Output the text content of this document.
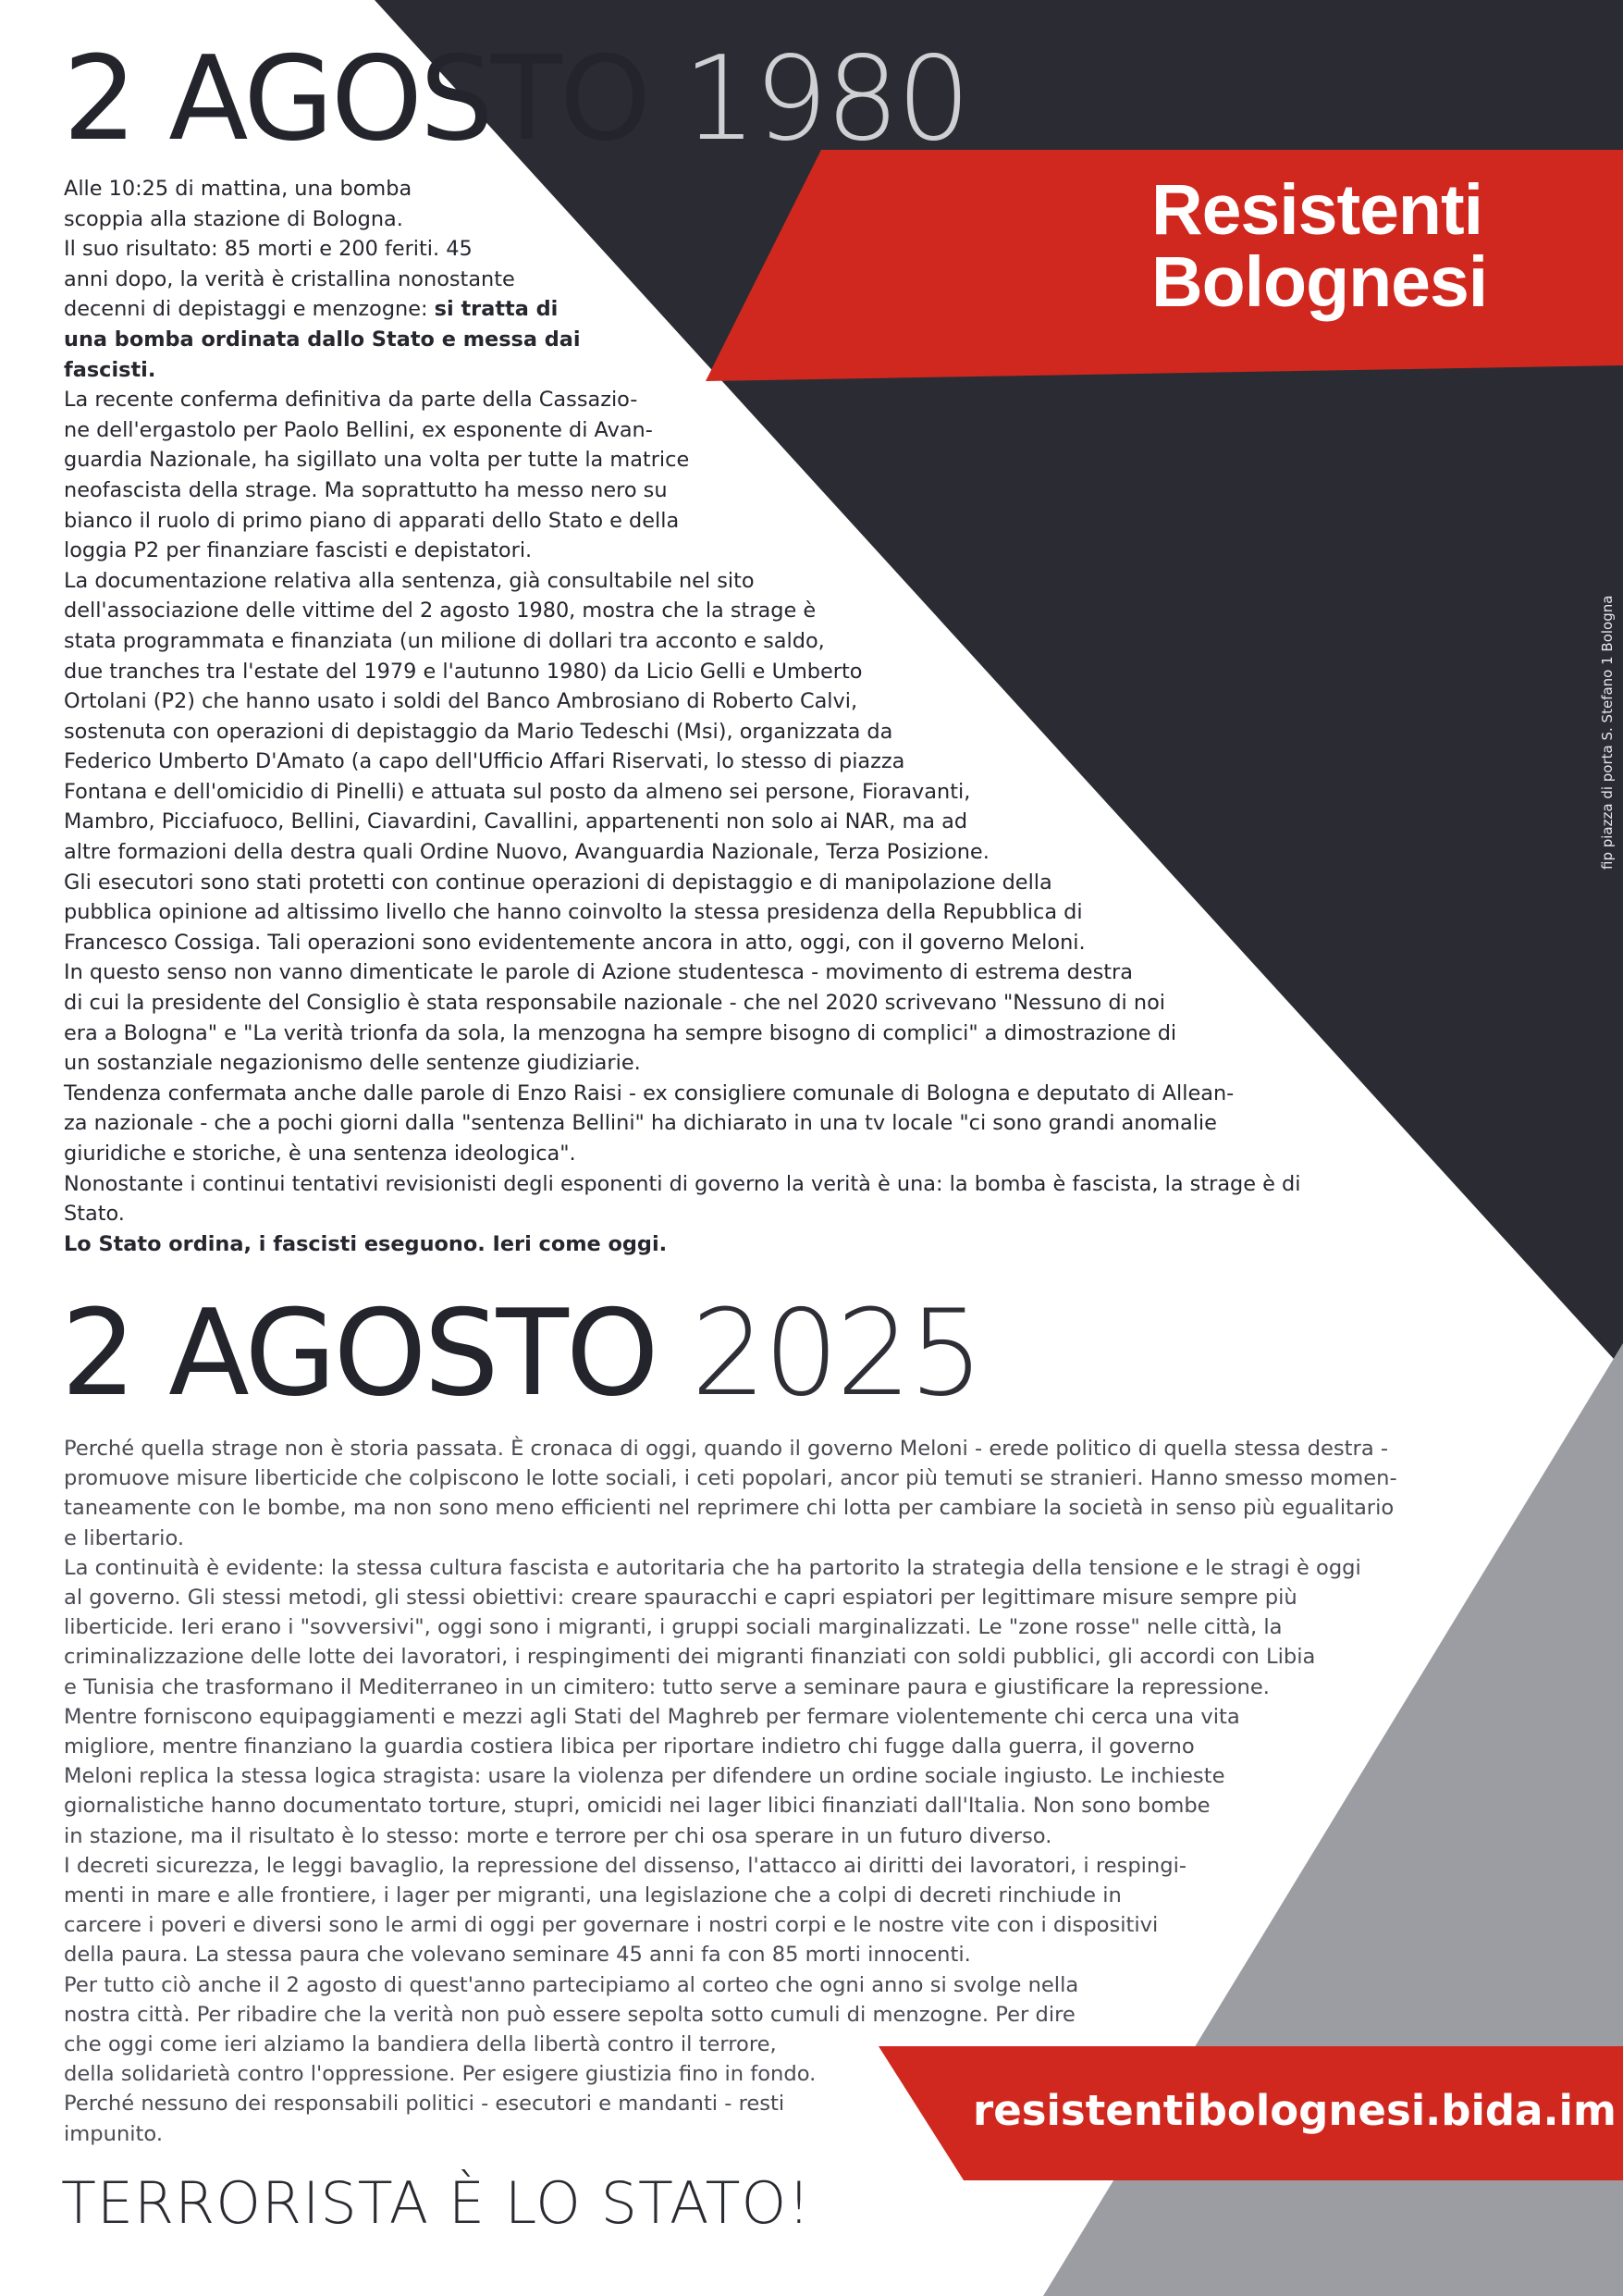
2 AGOSTO 1980
Resistenti
Bolognesi
fip piazza di porta S. Stefano 1 Bologna
Alle 10:25 di mattina, una bomba
scoppia alla stazione di Bologna.
Il suo risultato: 85 morti e 200 feriti. 45
anni dopo, la verità è cristallina nonostante
decenni di depistaggi e menzogne: si tratta di
una bomba ordinata dallo Stato e messa dai
fascisti.
La recente conferma definitiva da parte della Cassazio-
ne dell'ergastolo per Paolo Bellini, ex esponente di Avan-
guardia Nazionale, ha sigillato una volta per tutte la matrice
neofascista della strage. Ma soprattutto ha messo nero su
bianco il ruolo di primo piano di apparati dello Stato e della
loggia P2 per finanziare fascisti e depistatori.
La documentazione relativa alla sentenza, già consultabile nel sito
dell'associazione delle vittime del 2 agosto 1980, mostra che la strage è
stata programmata e finanziata (un milione di dollari tra acconto e saldo,
due tranches tra l'estate del 1979 e l'autunno 1980) da Licio Gelli e Umberto
Ortolani (P2) che hanno usato i soldi del Banco Ambrosiano di Roberto Calvi,
sostenuta con operazioni di depistaggio da Mario Tedeschi (Msi), organizzata da
Federico Umberto D'Amato (a capo dell'Ufficio Affari Riservati, lo stesso di piazza
Fontana e dell'omicidio di Pinelli) e attuata sul posto da almeno sei persone, Fioravanti,
Mambro, Picciafuoco, Bellini, Ciavardini, Cavallini, appartenenti non solo ai NAR, ma ad
altre formazioni della destra quali Ordine Nuovo, Avanguardia Nazionale, Terza Posizione.
Gli esecutori sono stati protetti con continue operazioni di depistaggio e di manipolazione della
pubblica opinione ad altissimo livello che hanno coinvolto la stessa presidenza della Repubblica di
Francesco Cossiga. Tali operazioni sono evidentemente ancora in atto, oggi, con il governo Meloni.
In questo senso non vanno dimenticate le parole di Azione studentesca - movimento di estrema destra
di cui la presidente del Consiglio è stata responsabile nazionale - che nel 2020 scrivevano "Nessuno di noi
era a Bologna" e "La verità trionfa da sola, la menzogna ha sempre bisogno di complici" a dimostrazione di
un sostanziale negazionismo delle sentenze giudiziarie.
Tendenza confermata anche dalle parole di Enzo Raisi - ex consigliere comunale di Bologna e deputato di Allean-
za nazionale - che a pochi giorni dalla "sentenza Bellini" ha dichiarato in una tv locale "ci sono grandi anomalie
giuridiche e storiche, è una sentenza ideologica".
Nonostante i continui tentativi revisionisti degli esponenti di governo la verità è una: la bomba è fascista, la strage è di
Stato.
Lo Stato ordina, i fascisti eseguono. Ieri come oggi.
2 AGOSTO 2025
Perché quella strage non è storia passata. È cronaca di oggi, quando il governo Meloni - erede politico di quella stessa destra -
promuove misure liberticide che colpiscono le lotte sociali, i ceti popolari, ancor più temuti se stranieri. Hanno smesso momen-
taneamente con le bombe, ma non sono meno efficienti nel reprimere chi lotta per cambiare la società in senso più egualitario
e libertario.
La continuità è evidente: la stessa cultura fascista e autoritaria che ha partorito la strategia della tensione e le stragi è oggi
al governo. Gli stessi metodi, gli stessi obiettivi: creare spauracchi e capri espiatori per legittimare misure sempre più
liberticide. Ieri erano i "sovversivi", oggi sono i migranti, i gruppi sociali marginalizzati. Le "zone rosse" nelle città, la
criminalizzazione delle lotte dei lavoratori, i respingimenti dei migranti finanziati con soldi pubblici, gli accordi con Libia
e Tunisia che trasformano il Mediterraneo in un cimitero: tutto serve a seminare paura e giustificare la repressione.
Mentre forniscono equipaggiamenti e mezzi agli Stati del Maghreb per fermare violentemente chi cerca una vita
migliore, mentre finanziano la guardia costiera libica per riportare indietro chi fugge dalla guerra, il governo
Meloni replica la stessa logica stragista: usare la violenza per difendere un ordine sociale ingiusto. Le inchieste
giornalistiche hanno documentato torture, stupri, omicidi nei lager libici finanziati dall'Italia. Non sono bombe
in stazione, ma il risultato è lo stesso: morte e terrore per chi osa sperare in un futuro diverso.
I decreti sicurezza, le leggi bavaglio, la repressione del dissenso, l'attacco ai diritti dei lavoratori, i respingi-
menti in mare e alle frontiere, i lager per migranti, una legislazione che a colpi di decreti rinchiude in
carcere i poveri e diversi sono le armi di oggi per governare i nostri corpi e le nostre vite con i dispositivi
della paura. La stessa paura che volevano seminare 45 anni fa con 85 morti innocenti.
Per tutto ciò anche il 2 agosto di quest'anno partecipiamo al corteo che ogni anno si svolge nella
nostra città. Per ribadire che la verità non può essere sepolta sotto cumuli di menzogne. Per dire
che oggi come ieri alziamo la bandiera della libertà contro il terrore,
della solidarietà contro l'oppressione. Per esigere giustizia fino in fondo.
Perché nessuno dei responsabili politici - esecutori e mandanti - resti
impunito.	resistentibolognesi.bida.im

TERRORISTA È LO STATO!
